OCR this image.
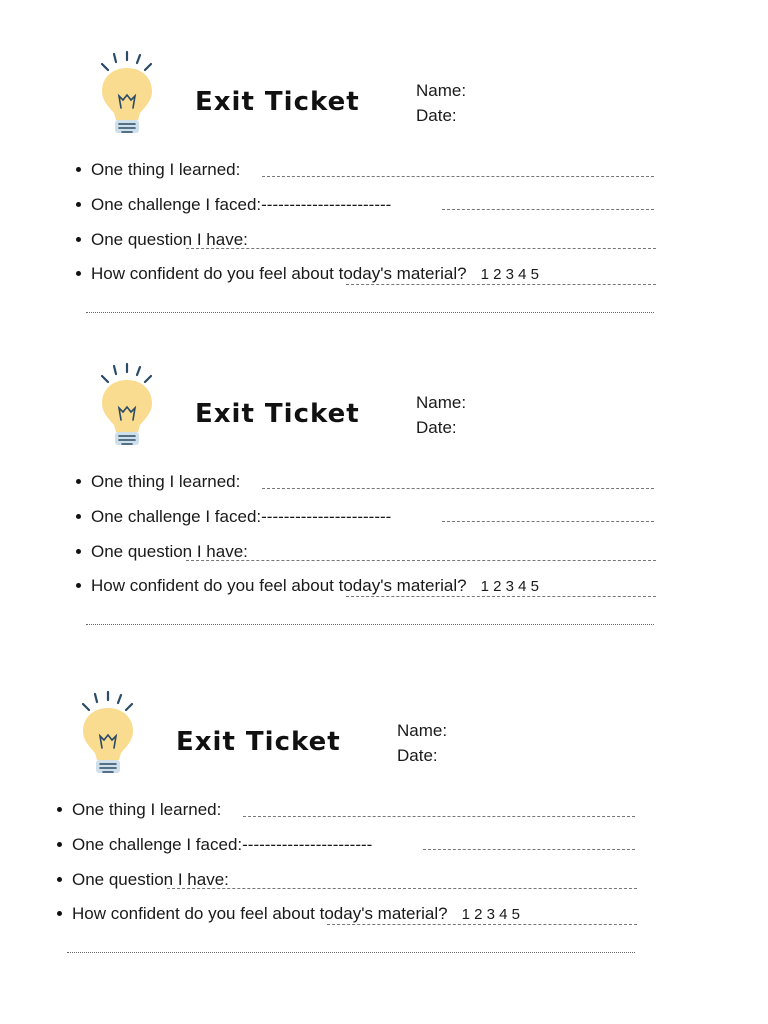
Exit Ticket	Name:
Date:
One thing I learned:
One challenge I faced:-----------------------
One question I have:
How confident do you feel about today's material? 1 2 3 4 5
Exit Ticket	Name:
Date:
One thing I learned:
One challenge I faced:-----------------------
One question I have:
How confident do you feel about today's material? 1 2 3 4 5
Exit Ticket	Name:
Date:
One thing I learned:
One challenge I faced:-----------------------
One question I have:
How confident do you feel about today's material? 1 2 3 4 5
